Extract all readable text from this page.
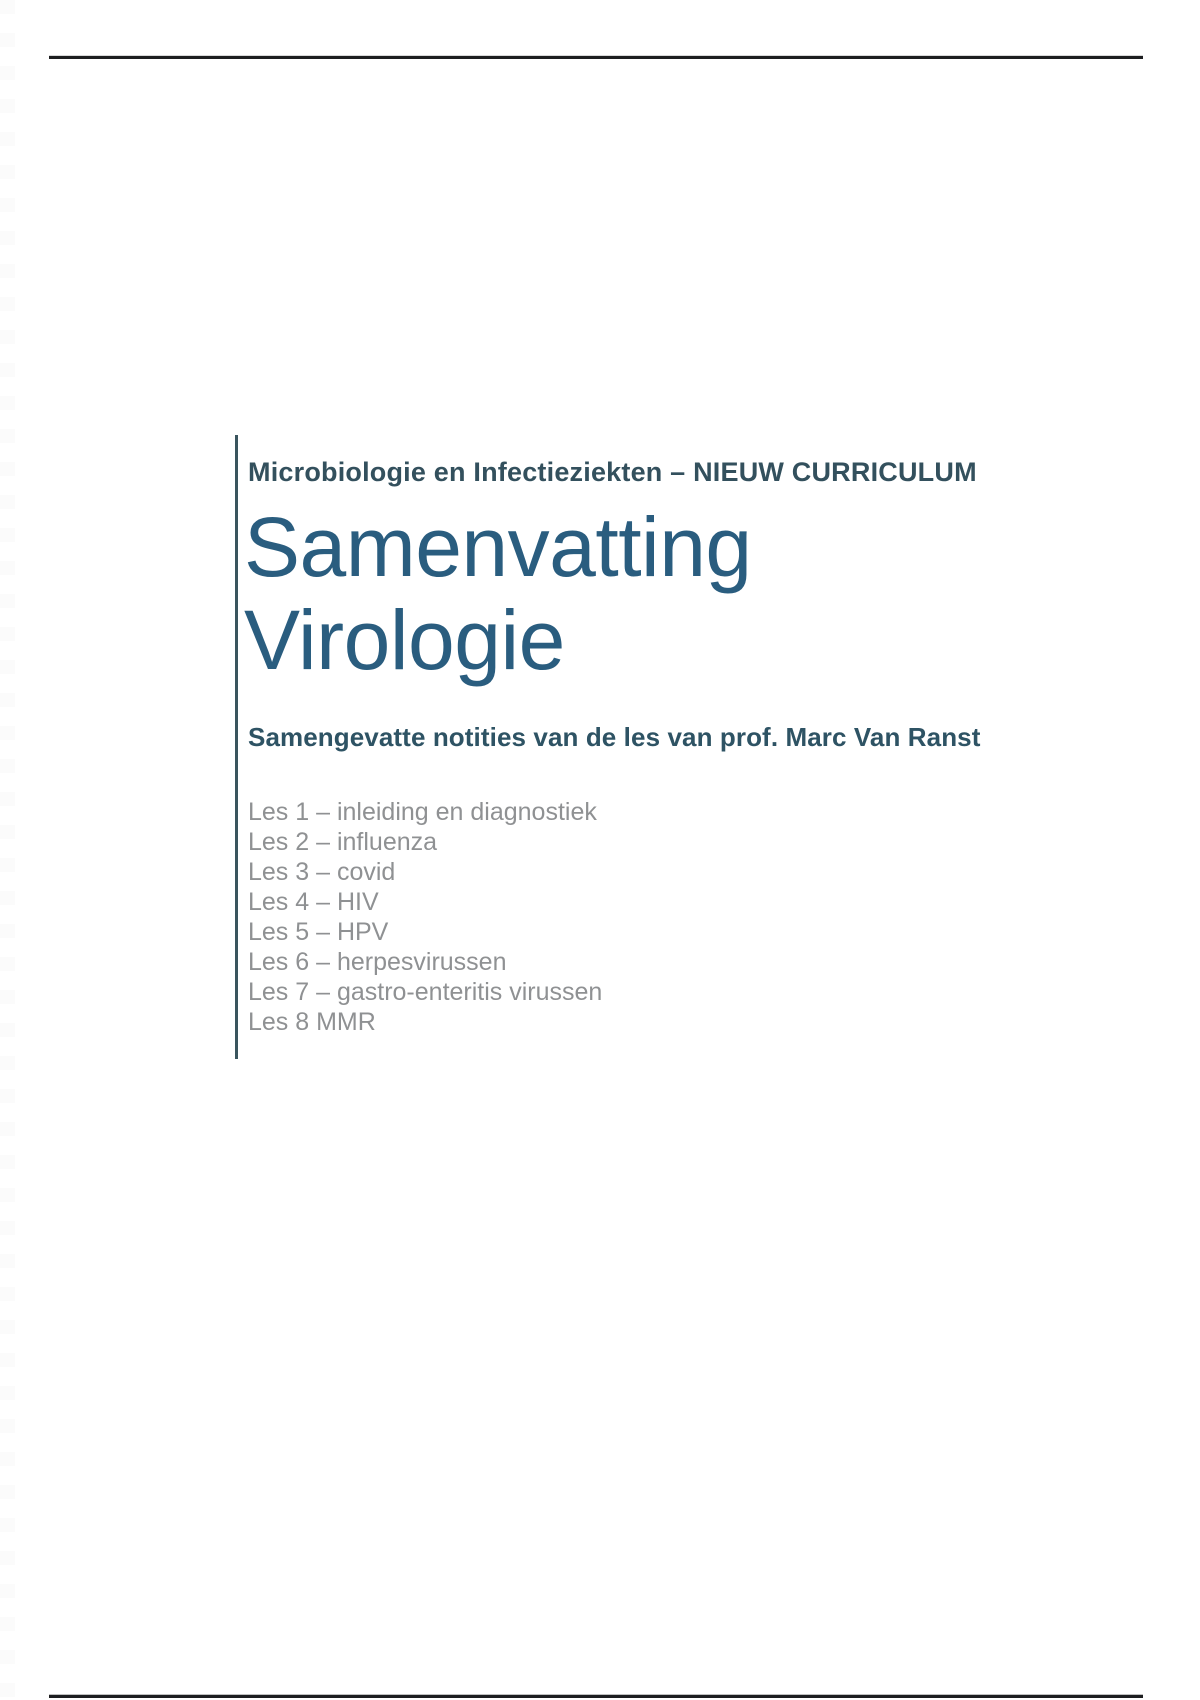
Microbiologie en Infectieziekten – NIEUW CURRICULUM
Samenvatting Virologie
Samengevatte notities van de les van prof. Marc Van Ranst
Les 1 – inleiding en diagnostiek
Les 2 – influenza
Les 3 – covid
Les 4 – HIV
Les 5 – HPV
Les 6 – herpesvirussen
Les 7 – gastro-enteritis virussen
Les 8 MMR
